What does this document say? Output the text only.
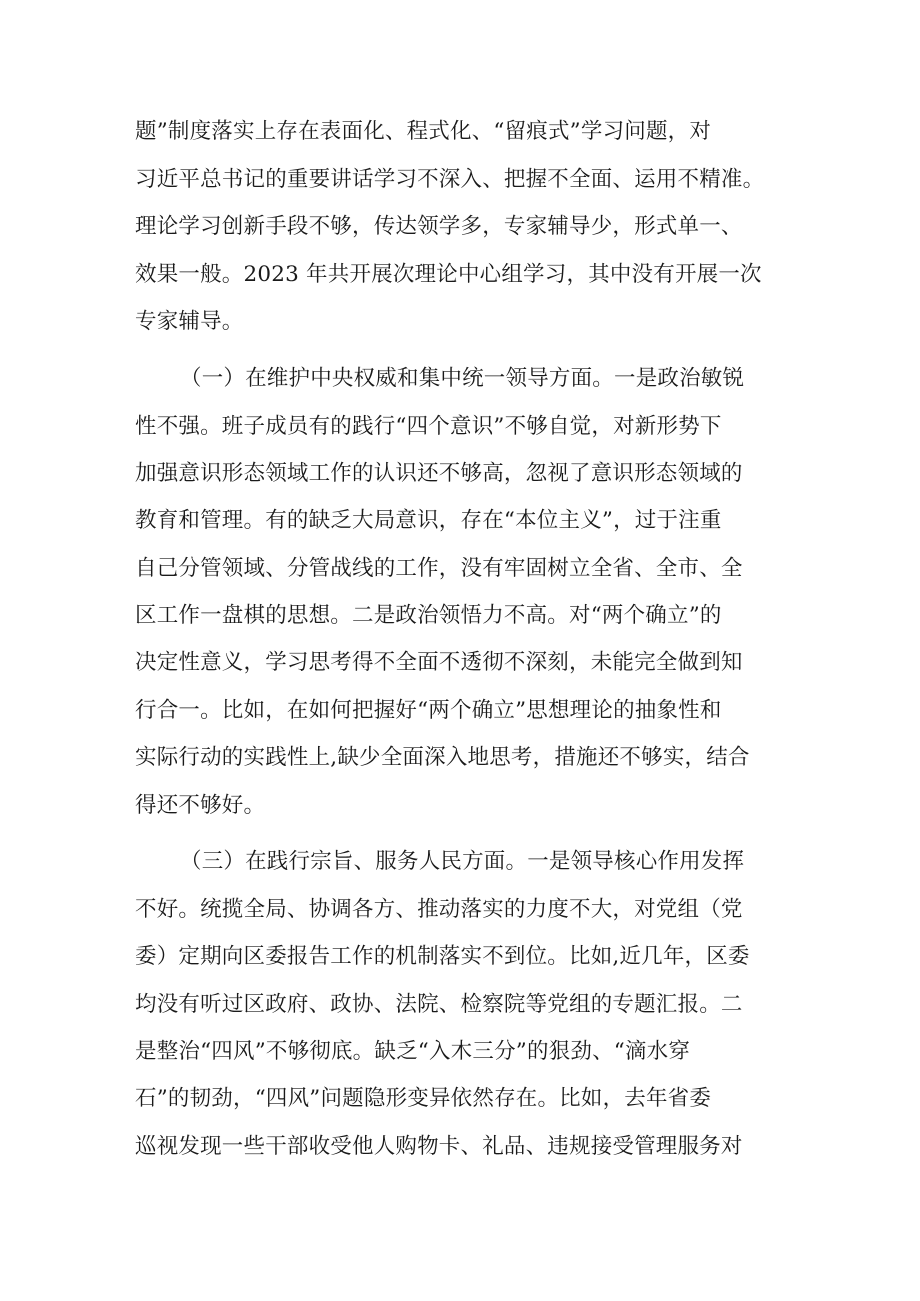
题”制度落实上存在表面化、程式化、“留痕式”学习问题，对
习近平总书记的重要讲话学习不深入、把握不全面、运用不精准。
理论学习创新手段不够，传达领学多，专家辅导少，形式单一、
效果一般。2023 年共开展次理论中心组学习，其中没有开展一次
专家辅导。
（一）在维护中央权威和集中统一领导方面。一是政治敏锐
性不强。班子成员有的践行“四个意识”不够自觉，对新形势下
加强意识形态领域工作的认识还不够高，忽视了意识形态领域的
教育和管理。有的缺乏大局意识，存在“本位主义”，过于注重
自己分管领域、分管战线的工作，没有牢固树立全省、全市、全
区工作一盘棋的思想。二是政治领悟力不高。对“两个确立”的
决定性意义，学习思考得不全面不透彻不深刻，未能完全做到知
行合一。比如，在如何把握好“两个确立”思想理论的抽象性和
实际行动的实践性上,缺少全面深入地思考，措施还不够实，结合
得还不够好。
（三）在践行宗旨、服务人民方面。一是领导核心作用发挥
不好。统揽全局、协调各方、推动落实的力度不大，对党组（党
委）定期向区委报告工作的机制落实不到位。比如,近几年，区委
均没有听过区政府、政协、法院、检察院等党组的专题汇报。二
是整治“四风”不够彻底。缺乏“入木三分”的狠劲、“滴水穿
石”的韧劲，“四风”问题隐形变异依然存在。比如，去年省委
巡视发现一些干部收受他人购物卡、礼品、违规接受管理服务对
